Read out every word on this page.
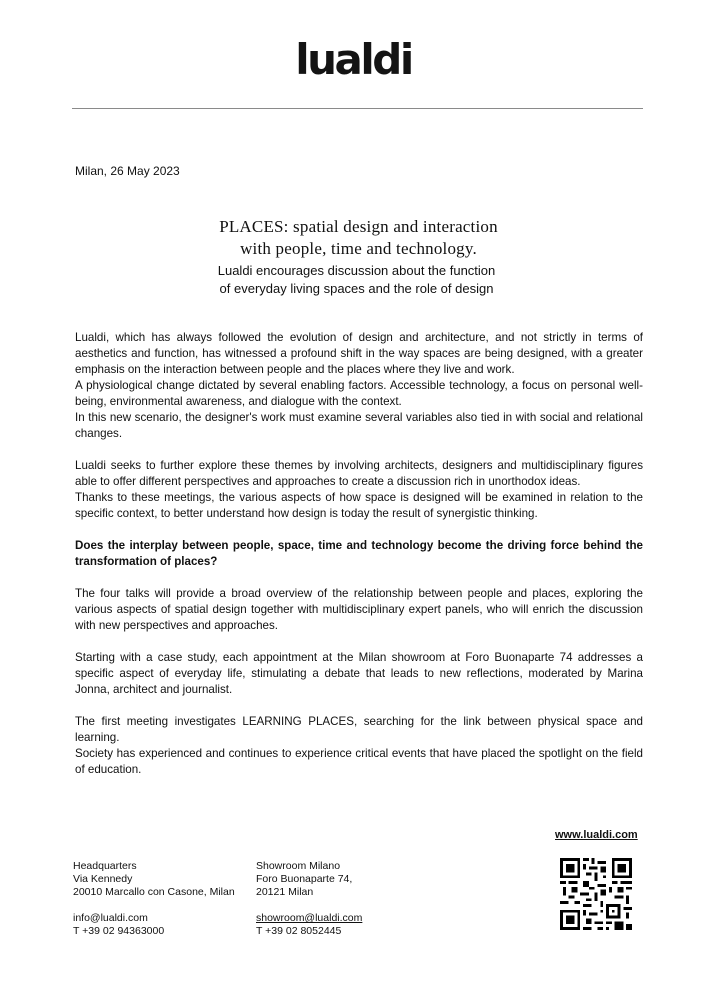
lualdi
Milan, 26 May 2023
PLACES: spatial design and interaction
with people, time and technology.
Lualdi encourages discussion about the function
of everyday living spaces and the role of design

Lualdi, which has always followed the evolution of design and architecture, and not strictly in terms of aesthetics and function, has witnessed a profound shift in the way spaces are being designed, with a greater emphasis on the interaction between people and the places where they live and work.

A physiological change dictated by several enabling factors. Accessible technology, a focus on personal well-being, environmental awareness, and dialogue with the context.

In this new scenario, the designer's work must examine several variables also tied in with social and relational changes.

Lualdi seeks to further explore these themes by involving architects, designers and multidisciplinary figures able to offer different perspectives and approaches to create a discussion rich in unorthodox ideas.

Thanks to these meetings, the various aspects of how space is designed will be examined in relation to the specific context, to better understand how design is today the result of synergistic thinking.

Does the interplay between people, space, time and technology become the driving force behind the transformation of places?

The four talks will provide a broad overview of the relationship between people and places, exploring the various aspects of spatial design together with multidisciplinary expert panels, who will enrich the discussion with new perspectives and approaches.

Starting with a case study, each appointment at the Milan showroom at Foro Buonaparte 74 addresses a specific aspect of everyday life, stimulating a debate that leads to new reflections, moderated by Marina Jonna, architect and journalist.

The first meeting investigates LEARNING PLACES, searching for the link between physical space and learning.

Society has experienced and continues to experience critical events that have placed the spotlight on the field of education.

www.lualdi.com
Headquarters
Via Kennedy
20010 Marcallo con Casone, Milan
info@lualdi.com
T +39 02 94363000
Showroom Milano
Foro Buonaparte 74,
20121 Milan
showroom@lualdi.com
T +39 02 8052445
